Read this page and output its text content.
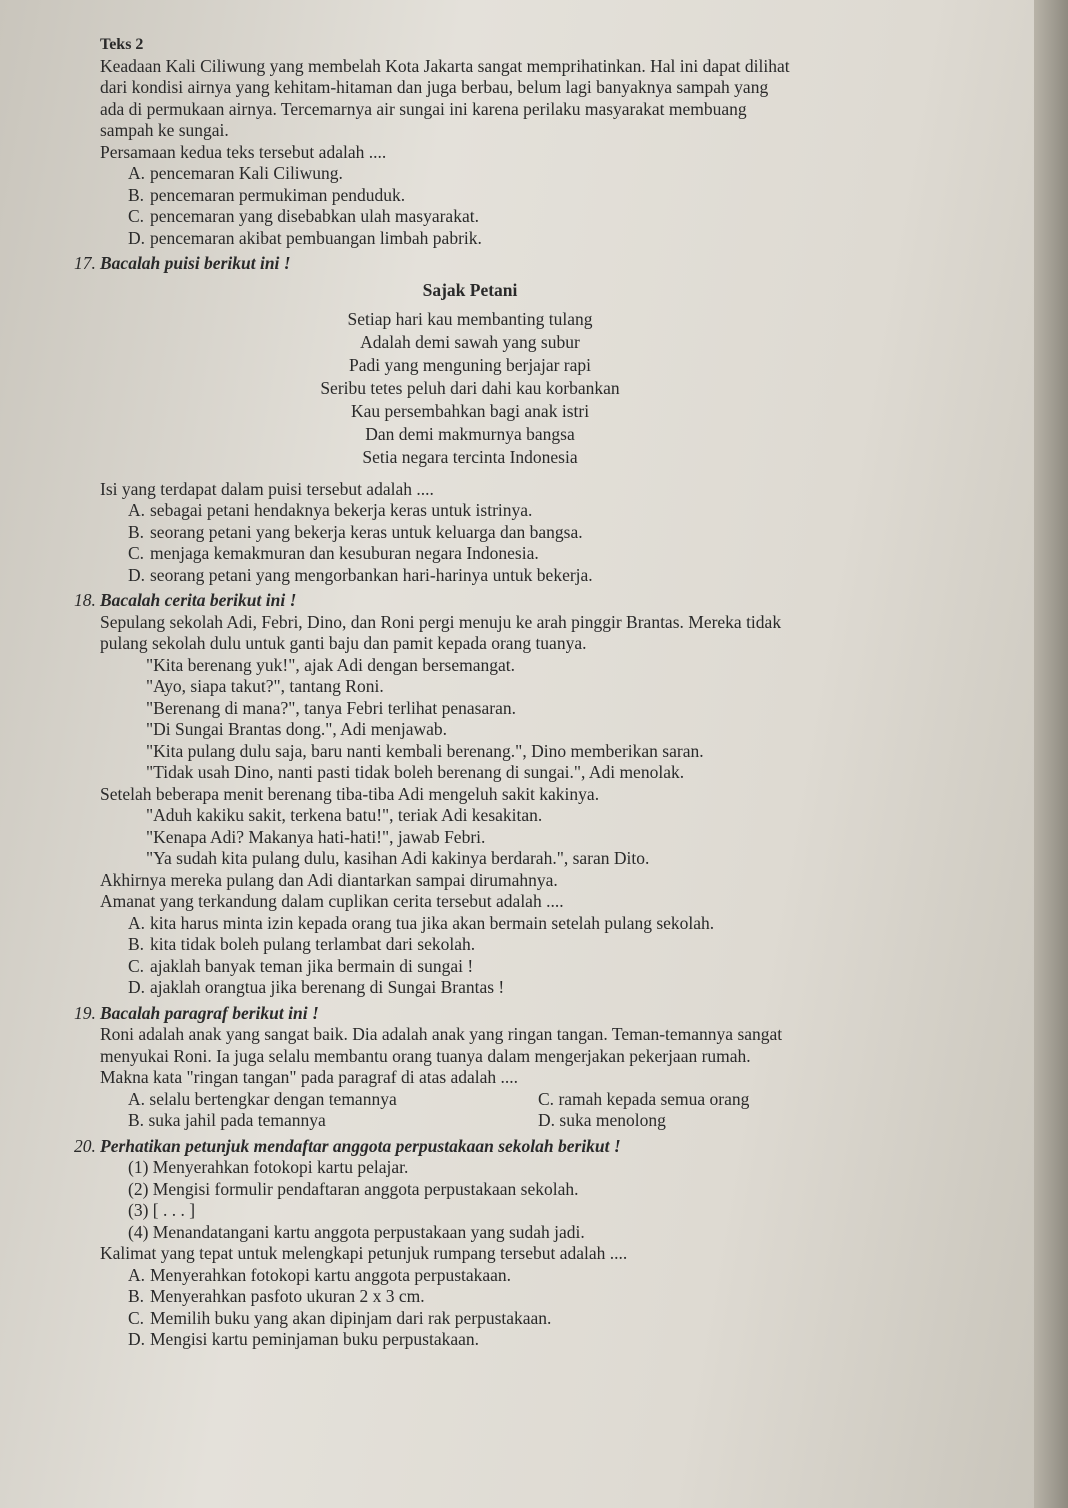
Teks 2

Keadaan Kali Ciliwung yang membelah Kota Jakarta sangat memprihatinkan. Hal ini dapat dilihat

dari kondisi airnya yang kehitam-hitaman dan juga berbau, belum lagi banyaknya sampah yang

ada di permukaan airnya. Tercemarnya air sungai ini karena perilaku masyarakat membuang

sampah ke sungai.

Persamaan kedua teks tersebut adalah ....

A. pencemaran Kali Ciliwung.

B. pencemaran permukiman penduduk.

C. pencemaran yang disebabkan ulah masyarakat.

D. pencemaran akibat pembuangan limbah pabrik.

17. Bacalah puisi berikut ini !

Sajak Petani

Setiap hari kau membanting tulang

Adalah demi sawah yang subur

Padi yang menguning berjajar rapi

Seribu tetes peluh dari dahi kau korbankan

Kau persembahkan bagi anak istri

Dan demi makmurnya bangsa

Setia negara tercinta Indonesia

Isi yang terdapat dalam puisi tersebut adalah ....

A. sebagai petani hendaknya bekerja keras untuk istrinya.

B. seorang petani yang bekerja keras untuk keluarga dan bangsa.

C. menjaga kemakmuran dan kesuburan negara Indonesia.

D. seorang petani yang mengorbankan hari-harinya untuk bekerja.

18. Bacalah cerita berikut ini !

Sepulang sekolah Adi, Febri, Dino, dan Roni pergi menuju ke arah pinggir Brantas. Mereka tidak

pulang sekolah dulu untuk ganti baju dan pamit kepada orang tuanya.

"Kita berenang yuk!", ajak Adi dengan bersemangat.

"Ayo, siapa takut?", tantang Roni.

"Berenang di mana?", tanya Febri terlihat penasaran.

"Di Sungai Brantas dong.", Adi menjawab.

"Kita pulang dulu saja, baru nanti kembali berenang.", Dino memberikan saran.

"Tidak usah Dino, nanti pasti tidak boleh berenang di sungai.", Adi menolak.

Setelah beberapa menit berenang tiba-tiba Adi mengeluh sakit kakinya.

"Aduh kakiku sakit, terkena batu!", teriak Adi kesakitan.

"Kenapa Adi? Makanya hati-hati!", jawab Febri.

"Ya sudah kita pulang dulu, kasihan Adi kakinya berdarah.", saran Dito.

Akhirnya mereka pulang dan Adi diantarkan sampai dirumahnya.

Amanat yang terkandung dalam cuplikan cerita tersebut adalah ....

A. kita harus minta izin kepada orang tua jika akan bermain setelah pulang sekolah.

B. kita tidak boleh pulang terlambat dari sekolah.

C. ajaklah banyak teman jika bermain di sungai !

D. ajaklah orangtua jika berenang di Sungai Brantas !

19. Bacalah paragraf berikut ini !

Roni adalah anak yang sangat baik. Dia adalah anak yang ringan tangan. Teman-temannya sangat

menyukai Roni. Ia juga selalu membantu orang tuanya dalam mengerjakan pekerjaan rumah.

Makna kata "ringan tangan" pada paragraf di atas adalah ....

A. selalu bertengkar dengan temannya	C. ramah kepada semua orang

B. suka jahil pada temannya	D. suka menolong

20. Perhatikan petunjuk mendaftar anggota perpustakaan sekolah berikut !

(1) Menyerahkan fotokopi kartu pelajar.

(2) Mengisi formulir pendaftaran anggota perpustakaan sekolah.

(3) [ . . . ]

(4) Menandatangani kartu anggota perpustakaan yang sudah jadi.

Kalimat yang tepat untuk melengkapi petunjuk rumpang tersebut adalah ....

A. Menyerahkan fotokopi kartu anggota perpustakaan.

B. Menyerahkan pasfoto ukuran 2 x 3 cm.

C. Memilih buku yang akan dipinjam dari rak perpustakaan.

D. Mengisi kartu peminjaman buku perpustakaan.
